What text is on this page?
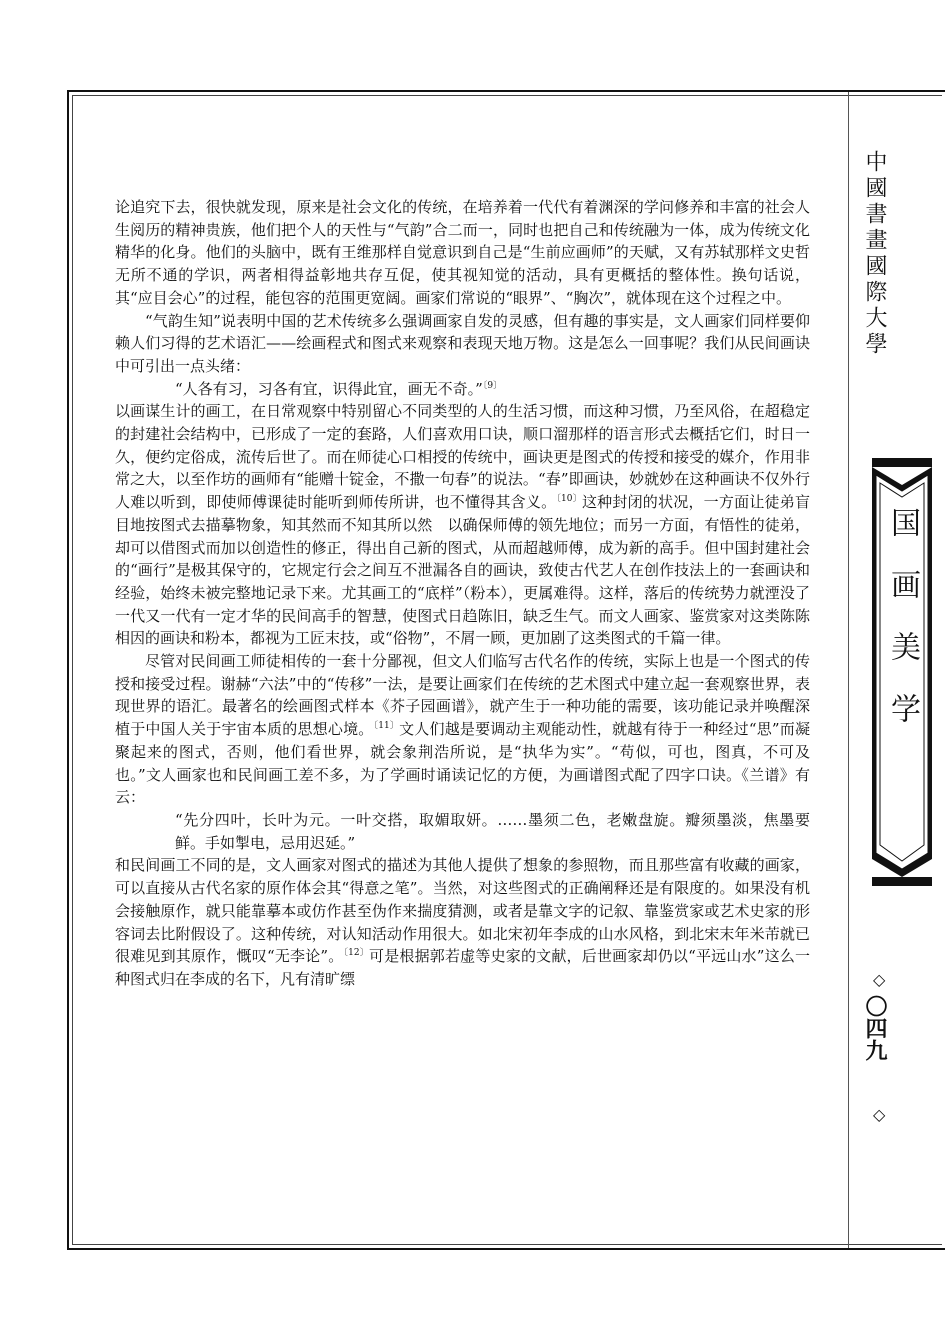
中國書畫國際大學
国画美学
◇
〇四九
◇

论追究下去，很快就发现，原来是社会文化的传统，在培养着一代代有着渊深的学问修养和丰富的社会人生阅历的精神贵族，他们把个人的天性与“气韵”合二而一，同时也把自己和传统融为一体，成为传统文化精华的化身。他们的头脑中，既有王维那样自觉意识到自己是“生前应画师”的天赋，又有苏轼那样文史哲无所不通的学识，两者相得益彰地共存互促，使其视知觉的活动，具有更概括的整体性。换句话说，其“应目会心”的过程，能包容的范围更宽阔。画家们常说的“眼界”、“胸次”，就体现在这个过程之中。

“气韵生知”说表明中国的艺术传统多么强调画家自发的灵感，但有趣的事实是，文人画家们同样要仰赖人们习得的艺术语汇——绘画程式和图式来观察和表现天地万物。这是怎么一回事呢？我们从民间画诀中可引出一点头绪：

“人各有习，习各有宜，识得此宜，画无不奇。”$^{〔9〕}$

以画谋生计的画工，在日常观察中特别留心不同类型的人的生活习惯，而这种习惯，乃至风俗，在超稳定的封建社会结构中，已形成了一定的套路，人们喜欢用口诀，顺口溜那样的语言形式去概括它们，时日一久，便约定俗成，流传后世了。而在师徒心口相授的传统中，画诀更是图式的传授和接受的媒介，作用非常之大，以至作坊的画师有“能赠十锭金，不撒一句春”的说法。“春”即画诀，妙就妙在这种画诀不仅外行人难以听到，即使师傅课徒时能听到师传所讲，也不懂得其含义。$^{〔10〕}$这种封闭的状况，一方面让徒弟盲目地按图式去描摹物象，知其然而不知其所以然　以确保师傅的领先地位；而另一方面，有悟性的徒弟，却可以借图式而加以创造性的修正，得出自己新的图式，从而超越师傅，成为新的高手。但中国封建社会的“画行”是极其保守的，它规定行会之间互不泄漏各自的画诀，致使古代艺人在创作技法上的一套画诀和经验，始终未被完整地记录下来。尤其画工的“底样”（粉本），更属难得。这样，落后的传统势力就湮没了一代又一代有一定才华的民间高手的智慧，使图式日趋陈旧，缺乏生气。而文人画家、鉴赏家对这类陈陈相因的画诀和粉本，都视为工匠末技，或“俗物”，不屑一顾，更加剧了这类图式的千篇一律。

尽管对民间画工师徒相传的一套十分鄙视，但文人们临写古代名作的传统，实际上也是一个图式的传授和接受过程。谢赫“六法”中的“传移”一法，是要让画家们在传统的艺术图式中建立起一套观察世界，表现世界的语汇。最著名的绘画图式样本《芥子园画谱》，就产生于一种功能的需要，该功能记录并唤醒深植于中国人关于宇宙本质的思想心境。$^{〔11〕}$文人们越是要调动主观能动性，就越有待于一种经过“思”而凝聚起来的图式，否则，他们看世界，就会象荆浩所说，是“执华为实”。“苟似，可也，图真，不可及也。”文人画家也和民间画工差不多，为了学画时诵读记忆的方便，为画谱图式配了四字口诀。《兰谱》有云：

“先分四叶，长叶为元。一叶交搭，取媚取妍。……墨须二色，老嫩盘旋。瓣须墨淡，焦墨要鲜。手如掣电，忌用迟延。”

和民间画工不同的是，文人画家对图式的描述为其他人提供了想象的参照物，而且那些富有收藏的画家，可以直接从古代名家的原作体会其“得意之笔”。当然，对这些图式的正确阐释还是有限度的。如果没有机会接触原作，就只能靠摹本或仿作甚至伪作来揣度猜测，或者是靠文字的记叙、靠鉴赏家或艺术史家的形容词去比附假设了。这种传统，对认知活动作用很大。如北宋初年李成的山水风格，到北宋末年米芾就已很难见到其原作，慨叹“无李论”。$^{〔12〕}$可是根据郭若虚等史家的文献，后世画家却仍以“平远山水”这么一种图式归在李成的名下，凡有清旷缥
